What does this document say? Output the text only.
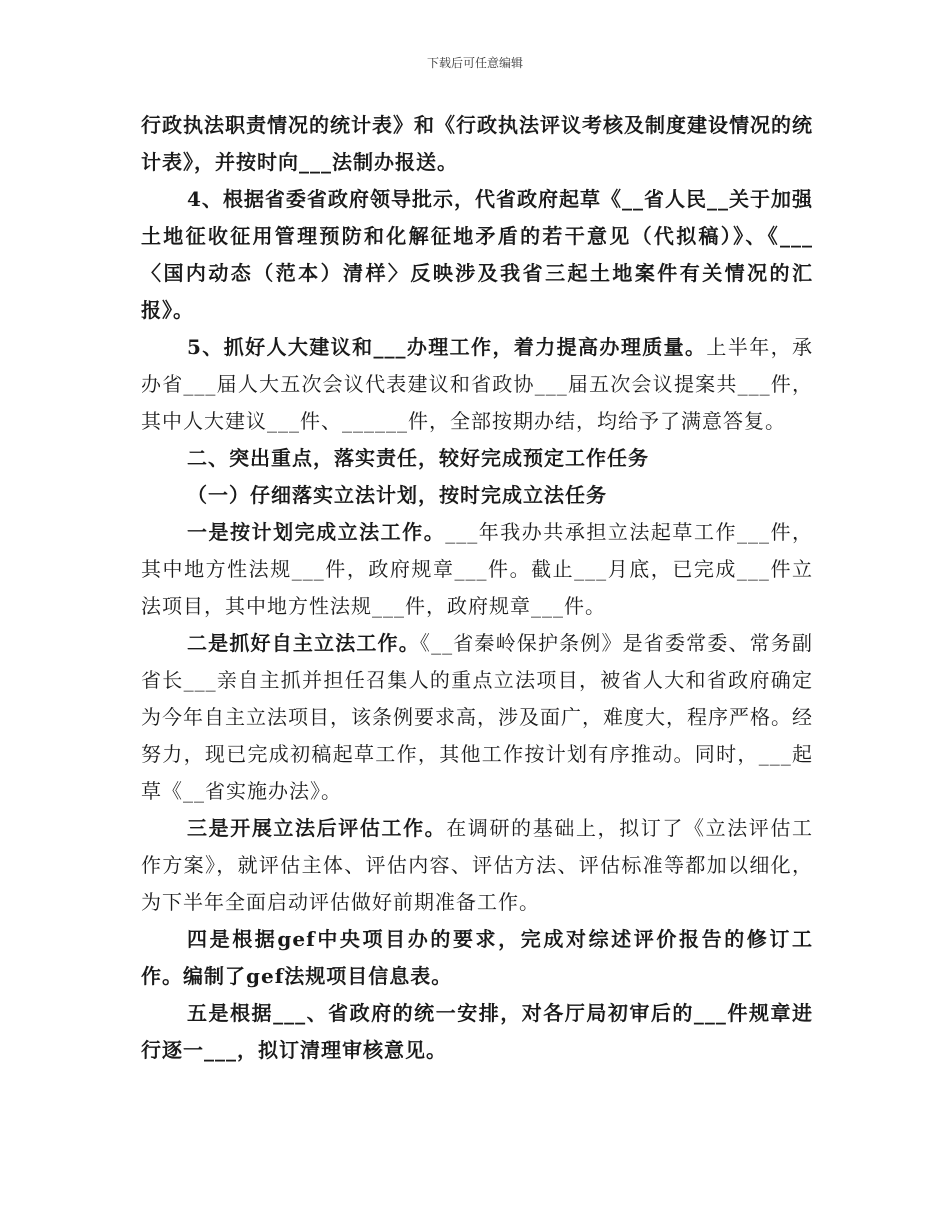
下载后可任意编辑

行政执法职责情况的统计表》和《行政执法评议考核及制度建设情况的统计表》，并按时向___法制办报送。

4、根据省委省政府领导批示，代省政府起草《__省人民__关于加强土地征收征用管理预防和化解征地矛盾的若干意见（代拟稿）》、《___〈国内动态（范本）清样〉反映涉及我省三起土地案件有关情况的汇报》。

5、抓好人大建议和___办理工作，着力提高办理质量。上半年，承办省___届人大五次会议代表建议和省政协___届五次会议提案共___件，其中人大建议___件、______件，全部按期办结，均给予了满意答复。

二、突出重点，落实责任，较好完成预定工作任务

（一）仔细落实立法计划，按时完成立法任务

一是按计划完成立法工作。___年我办共承担立法起草工作___件，其中地方性法规___件，政府规章___件。截止___月底，已完成___件立法项目，其中地方性法规___件，政府规章___件。

二是抓好自主立法工作。《__省秦岭保护条例》是省委常委、常务副省长___亲自主抓并担任召集人的重点立法项目，被省人大和省政府确定为今年自主立法项目，该条例要求高，涉及面广，难度大，程序严格。经努力，现已完成初稿起草工作，其他工作按计划有序推动。同时，___起草《__省实施办法》。

三是开展立法后评估工作。在调研的基础上，拟订了《立法评估工作方案》，就评估主体、评估内容、评估方法、评估标准等都加以细化，为下半年全面启动评估做好前期准备工作。

四是根据gef中央项目办的要求，完成对综述评价报告的修订工作。编制了gef法规项目信息表。

五是根据___、省政府的统一安排，对各厅局初审后的___件规章进行逐一___，拟订清理审核意见。
